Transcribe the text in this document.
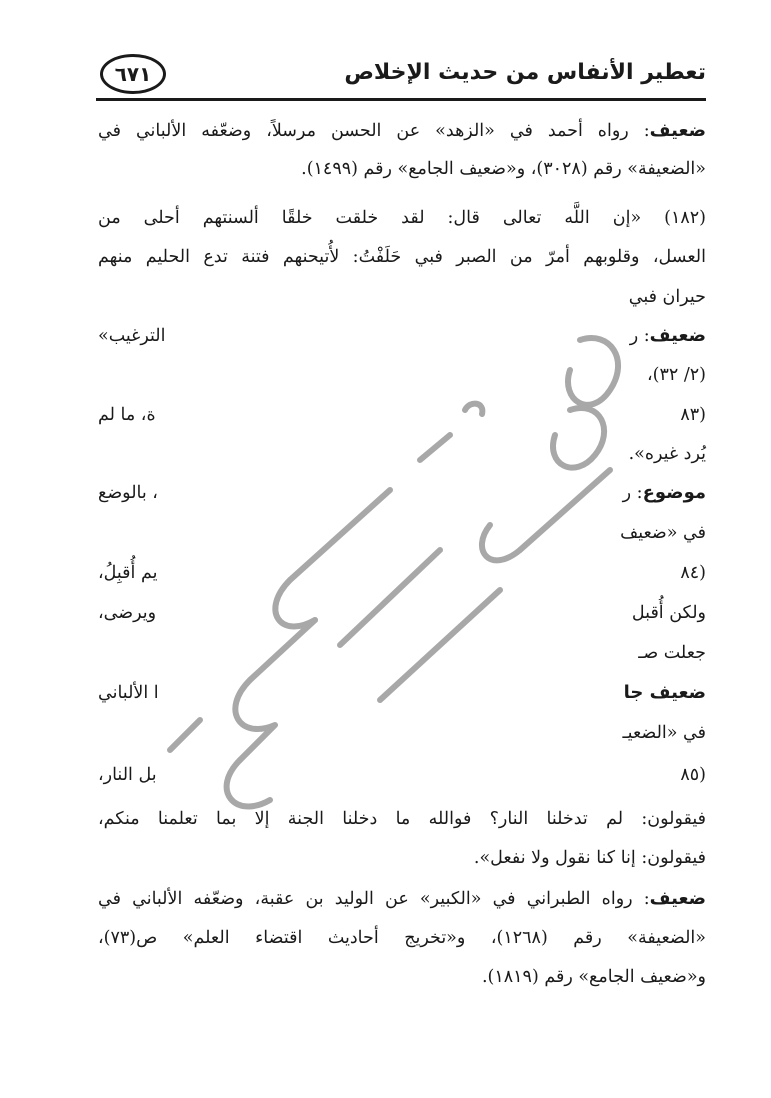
تعطير الأنفاس من حديث الإخلاص
٦٧١
ضعيف: رواه أحمد في «الزهد» عن الحسن مرسلاً، وضعّفه الألباني في
«الضعيفة» رقم (٣٠٢٨)، و«ضعيف الجامع» رقم (١٤٩٩).
(١٨٢) «إن اللَّه تعالى قال: لقد خلقت خلقًا ألسنتهم أحلى من
العسل، وقلوبهم أمرّ من الصبر فبي حَلَفْتُ: لأُتيحنهم فتنة تدع الحليم منهم
حيران فبي
ضعيف: ر
الترغيب»
(٢/ ٣٢)،
(٨٣
ة، ما لم
يُرد غيره».
موضوع: ر
، بالوضع
في «ضعيف
(٨٤
يم أُقبِلُ،
ولكن أُقبل
ويرضى،
جعلت صـ
ضعيف جا
ا الألباني
في «الضعيـ
(٨٥
بل النار،
فيقولون: لم تدخلنا النار؟ فوالله ما دخلنا الجنة إلا بما تعلمنا منكم،
فيقولون: إنا كنا نقول ولا نفعل».
ضعيف: رواه الطبراني في «الكبير» عن الوليد بن عقبة، وضعّفه الألباني في
«الضعيفة» رقم (١٢٦٨)، و«تخريج أحاديث اقتضاء العلم» ص(٧٣)،
و«ضعيف الجامع» رقم (١٨١٩).
